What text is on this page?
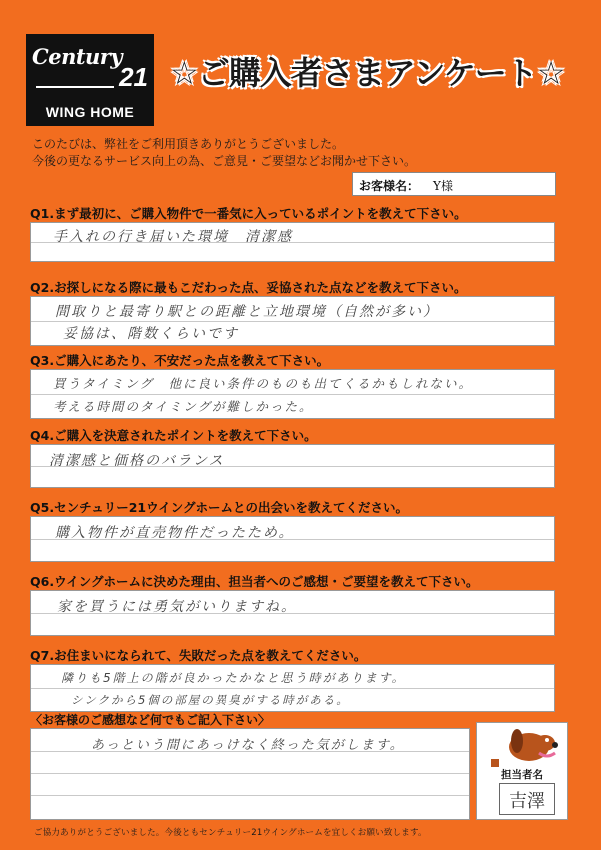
Century
21
WING HOME
☆ご購入者さまアンケート☆
このたびは、弊社をご利用頂きありがとうございました。
今後の更なるサービス向上の為、ご意見・ご要望などお聞かせ下さい。
お客様名： Y様
Q1.まず最初に、ご購入物件で一番気に入っているポイントを教えて下さい。
手入れの行き届いた環境　清潔感
Q2.お探しになる際に最もこだわった点、妥協された点などを教えて下さい。
間取りと最寄り駅との距離と立地環境（自然が多い）
妥協は、階数くらいです
Q3.ご購入にあたり、不安だった点を教えて下さい。
買うタイミング　他に良い条件のものも出てくるかもしれない。
考える時間のタイミングが難しかった。
Q4.ご購入を決意されたポイントを教えて下さい。
清潔感と価格のバランス
Q5.センチュリー21ウイングホームとの出会いを教えてください。
購入物件が直売物件だったため。
Q6.ウイングホームに決めた理由、担当者へのご感想・ご要望を教えて下さい。
家を買うには勇気がいりますね。
Q7.お住まいになられて、失敗だった点を教えてください。
隣りも5階上の階が良かったかなと思う時があります。
シンクから5個の部屋の異臭がする時がある。
〈お客様のご感想など何でもご記入下さい〉
あっという間にあっけなく終った気がします。
担当者名
吉澤
ご協力ありがとうございました。今後ともセンチュリー21ウイングホームを宜しくお願い致します。
